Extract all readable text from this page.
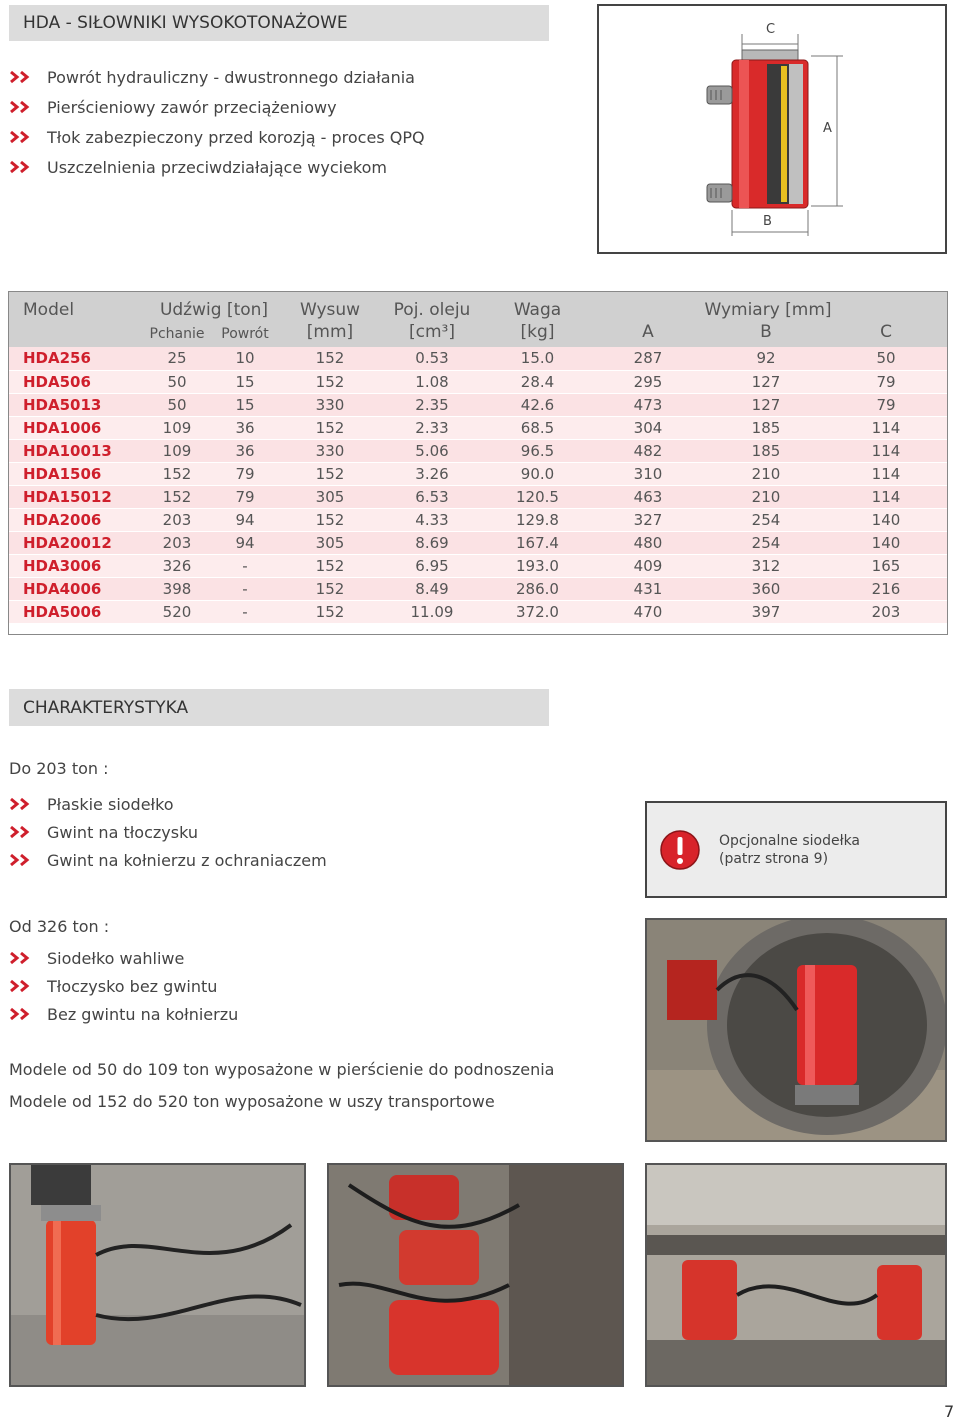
HDA - SIŁOWNIKI WYSOKOTONAŻOWE
Powrót hydrauliczny - dwustronnego działania
Pierścieniowy zawór przeciążeniowy
Tłok zabezpieczony przed korozją - proces QPQ
Uszczelnienia przeciwdziałające wyciekom
C
A
B
Model	Udźwig [ton]		Wysuw	Poj. oleju	Waga	Wymiary [mm]		
	Pchanie	Powrót	[mm]	[cm³]	[kg]	A	B	C
HDA256	25	10	152	0.53	15.0	287	92	50
HDA506	50	15	152	1.08	28.4	295	127	79
HDA5013	50	15	330	2.35	42.6	473	127	79
HDA1006	109	36	152	2.33	68.5	304	185	114
HDA10013	109	36	330	5.06	96.5	482	185	114
HDA1506	152	79	152	3.26	90.0	310	210	114
HDA15012	152	79	305	6.53	120.5	463	210	114
HDA2006	203	94	152	4.33	129.8	327	254	140
HDA20012	203	94	305	8.69	167.4	480	254	140
HDA3006	326	-	152	6.95	193.0	409	312	165
HDA4006	398	-	152	8.49	286.0	431	360	216
HDA5006	520	-	152	11.09	372.0	470	397	203
CHARAKTERYSTYKA
Do 203 ton :
Płaskie siodełko
Gwint na tłoczysku
Gwint na kołnierzu z ochraniaczem
Opcjonalne siodełka
(patrz strona 9)
Od 326 ton :
Siodełko wahliwe
Tłoczysko bez gwintu
Bez gwintu na kołnierzu
Modele od 50 do 109 ton wyposażone w pierścienie do podnoszenia
Modele od 152 do 520 ton wyposażone w uszy transportowe
7
